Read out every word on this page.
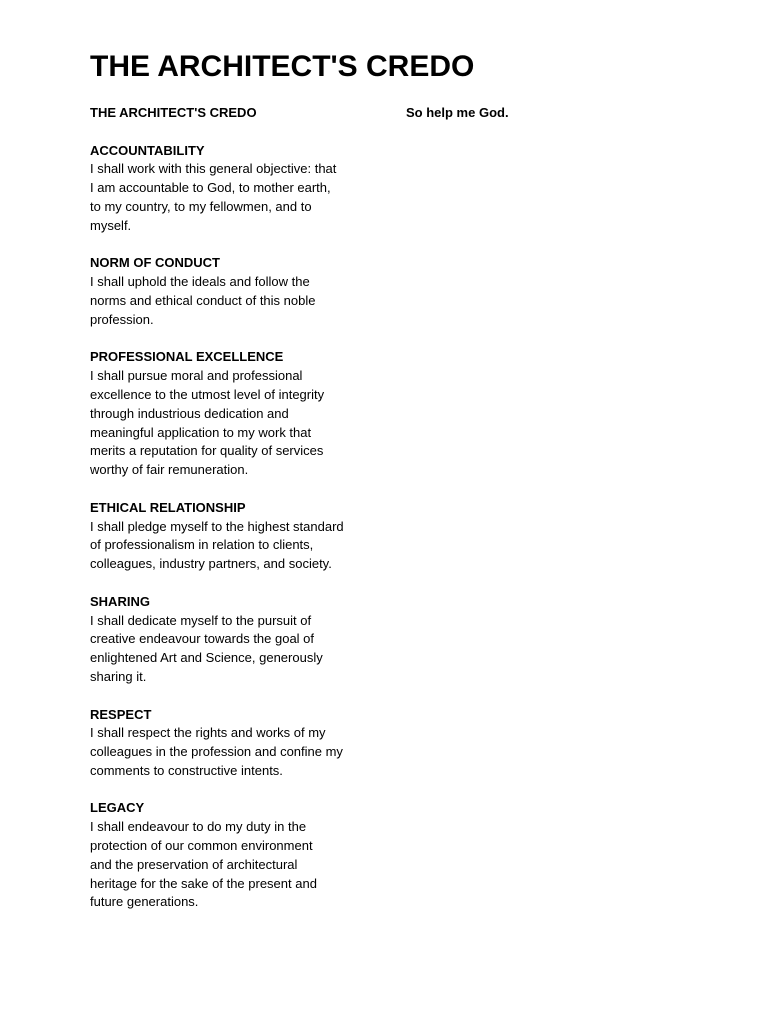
THE ARCHITECT'S CREDO
THE ARCHITECT'S CREDO
ACCOUNTABILITY
I shall work with this general objective: that
I am accountable to God, to mother earth,
to my country, to my fellowmen, and to
myself.
NORM OF CONDUCT
I shall uphold the ideals and follow the
norms and ethical conduct of this noble
profession.
PROFESSIONAL EXCELLENCE
I shall pursue moral and professional
excellence to the utmost level of integrity
through industrious dedication and
meaningful application to my work that
merits a reputation for quality of services
worthy of fair remuneration.
ETHICAL RELATIONSHIP
I shall pledge myself to the highest standard
of professionalism in relation to clients,
colleagues, industry partners, and society.
SHARING
I shall dedicate myself to the pursuit of
creative endeavour towards the goal of
enlightened Art and Science, generously
sharing it.
RESPECT
I shall respect the rights and works of my
colleagues in the profession and confine my
comments to constructive intents.
LEGACY
I shall endeavour to do my duty in the
protection of our common environment
and the preservation of architectural
heritage for the sake of the present and
future generations.
So help me God.
